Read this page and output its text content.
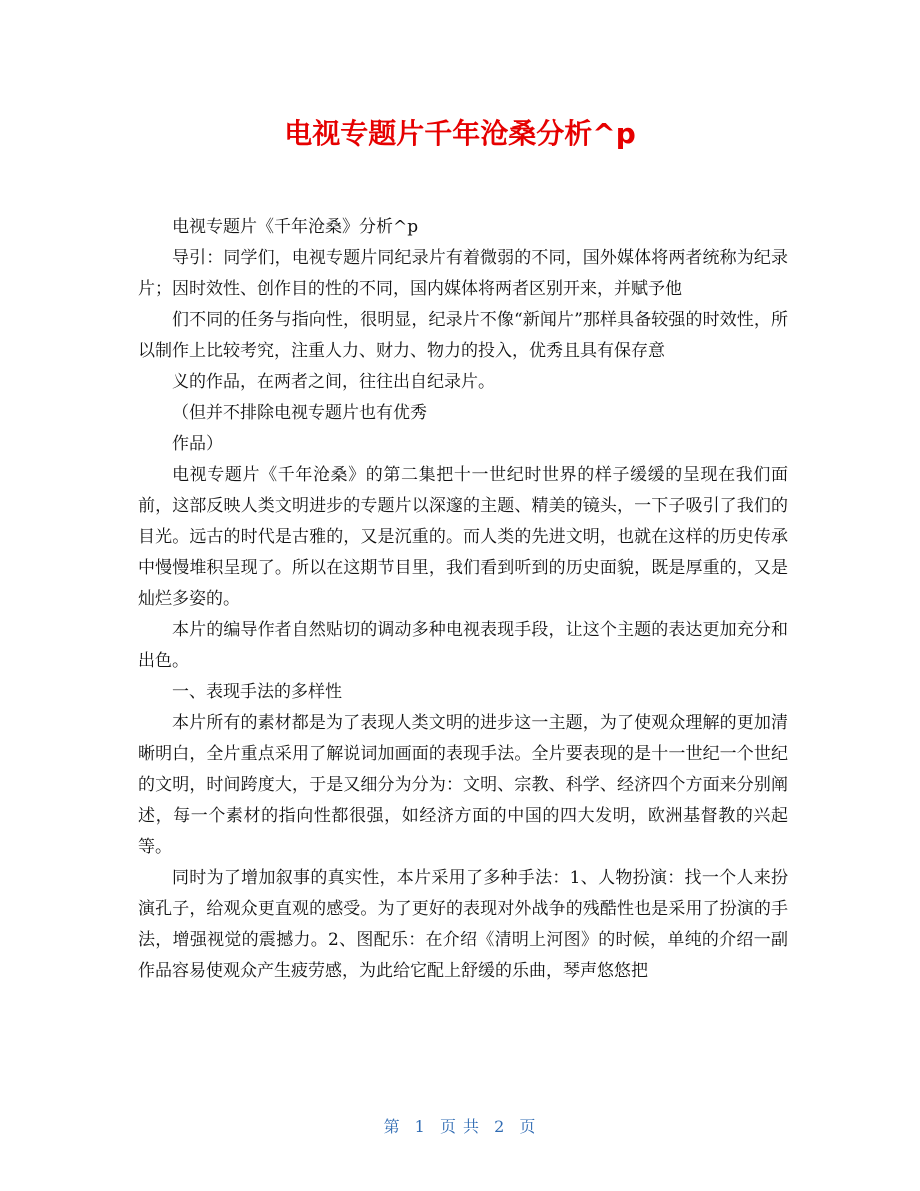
电视专题片千年沧桑分析^p

电视专题片《千年沧桑》分析^p

导引：同学们，电视专题片同纪录片有着微弱的不同，国外媒体将两者统称为纪录片；因时效性、创作目的性的不同，国内媒体将两者区别开来，并赋予他

们不同的任务与指向性，很明显，纪录片不像“新闻片”那样具备较强的时效性，所以制作上比较考究，注重人力、财力、物力的投入，优秀且具有保存意

义的作品，在两者之间，往往出自纪录片。

（但并不排除电视专题片也有优秀

作品）

电视专题片《千年沧桑》的第二集把十一世纪时世界的样子缓缓的呈现在我们面前，这部反映人类文明进步的专题片以深邃的主题、精美的镜头，一下子吸引了我们的目光。远古的时代是古雅的，又是沉重的。而人类的先进文明，也就在这样的历史传承中慢慢堆积呈现了。所以在这期节目里，我们看到听到的历史面貌，既是厚重的，又是灿烂多姿的。

本片的编导作者自然贴切的调动多种电视表现手段，让这个主题的表达更加充分和出色。

一、表现手法的多样性

本片所有的素材都是为了表现人类文明的进步这一主题，为了使观众理解的更加清晰明白，全片重点采用了解说词加画面的表现手法。全片要表现的是十一世纪一个世纪的文明，时间跨度大，于是又细分为分为：文明、宗教、科学、经济四个方面来分别阐述，每一个素材的指向性都很强，如经济方面的中国的四大发明，欧洲基督教的兴起等。

同时为了增加叙事的真实性，本片采用了多种手法：1、人物扮演：找一个人来扮演孔子，给观众更直观的感受。为了更好的表现对外战争的残酷性也是采用了扮演的手法，增强视觉的震撼力。2、图配乐：在介绍《清明上河图》的时候，单纯的介绍一副作品容易使观众产生疲劳感，为此给它配上舒缓的乐曲，琴声悠悠把

第 1 页 共 2 页
